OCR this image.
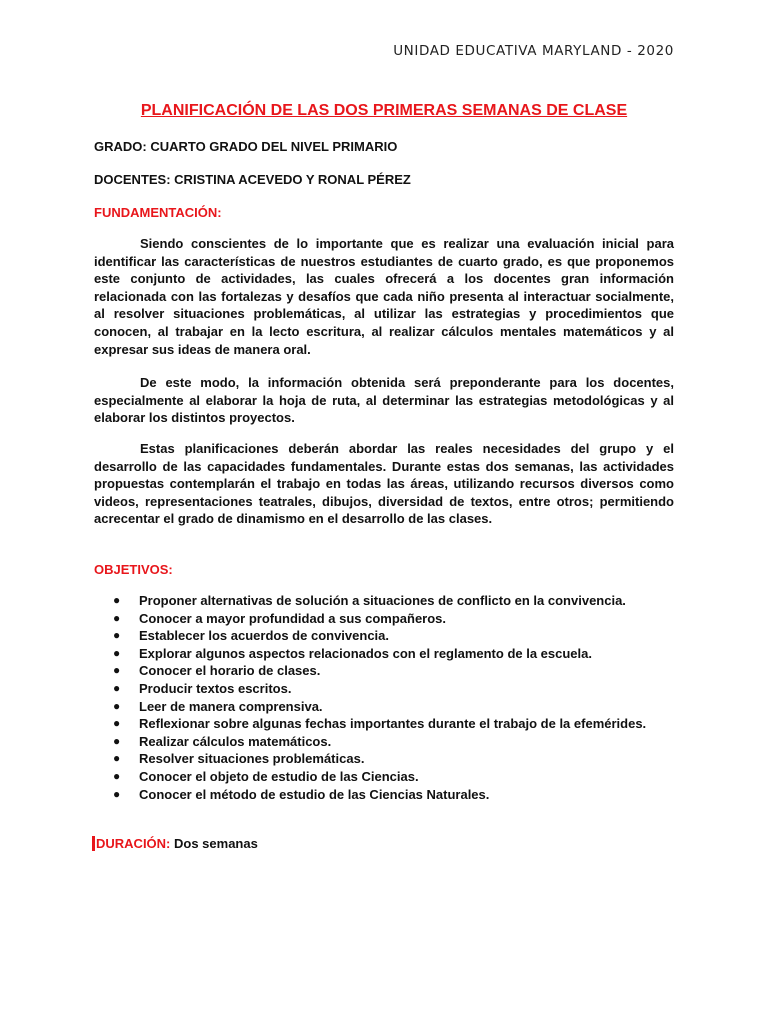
UNIDAD EDUCATIVA MARYLAND - 2020
PLANIFICACIÓN DE LAS DOS PRIMERAS SEMANAS DE CLASE
GRADO: CUARTO GRADO DEL NIVEL PRIMARIO
DOCENTES: CRISTINA ACEVEDO Y RONAL PÉREZ
FUNDAMENTACIÓN:
Siendo conscientes de lo importante que es realizar una evaluación inicial para identificar las características de nuestros estudiantes de cuarto grado, es que proponemos este conjunto de actividades, las cuales ofrecerá a los docentes gran información relacionada con las fortalezas y desafíos que cada niño presenta al interactuar socialmente, al resolver situaciones problemáticas, al utilizar las estrategias y procedimientos que conocen, al trabajar en la lecto escritura, al realizar cálculos mentales matemáticos y al expresar sus ideas de manera oral.
De este modo, la información obtenida será preponderante para los docentes, especialmente al elaborar la hoja de ruta, al determinar las estrategias metodológicas y al elaborar los distintos proyectos.
Estas planificaciones deberán abordar las reales necesidades del grupo y el desarrollo de las capacidades fundamentales. Durante estas dos semanas, las actividades propuestas contemplarán el trabajo en todas las áreas, utilizando recursos diversos como videos, representaciones teatrales, dibujos, diversidad de textos, entre otros; permitiendo acrecentar el grado de dinamismo en el desarrollo de las clases.
OBJETIVOS:
● Proponer alternativas de solución a situaciones de conflicto en la convivencia.
● Conocer a mayor profundidad a sus compañeros.
● Establecer los acuerdos de convivencia.
● Explorar algunos aspectos relacionados con el reglamento de la escuela.
● Conocer el horario de clases.
● Producir textos escritos.
● Leer de manera comprensiva.
● Reflexionar sobre algunas fechas importantes durante el trabajo de la efemérides.
● Realizar cálculos matemáticos.
● Resolver situaciones problemáticas.
● Conocer el objeto de estudio de las Ciencias.
● Conocer el método de estudio de las Ciencias Naturales.
DURACIÓN: Dos semanas
